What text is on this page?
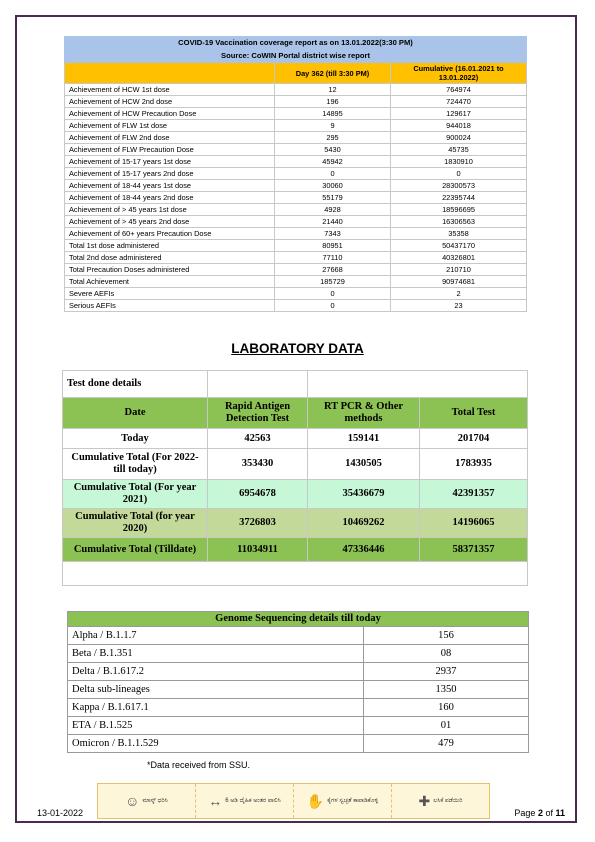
COVID-19 Vaccination coverage report as on 13.01.2022(3:30 PM)		
Source: CoWIN Portal district wise report		
	Day 362 (till 3:30 PM)	Cumulative (16.01.2021 to 13.01.2022)
Achievement of HCW 1st dose	12	764974
Achievement of HCW 2nd dose	196	724470
Achievement of HCW Precaution Dose	14895	129617
Achievement of FLW 1st dose	9	944018
Achievement of FLW 2nd dose	295	900024
Achievement of FLW Precaution Dose	5430	45735
Achievement of 15-17 years 1st dose	45942	1830910
Achievement of 15-17 years 2nd dose	0	0
Achievement of 18-44 years 1st dose	30060	28300573
Achievement of 18-44 years 2nd dose	55179	22395744
Achievement of > 45 years 1st dose	4928	18596695
Achievement of > 45 years 2nd dose	21440	16306563
Achievement of 60+ years Precaution Dose	7343	35358
Total 1st dose administered	80951	50437170
Total 2nd dose administered	77110	40326801
Total Precaution Doses administered	27668	210710
Total Achievement	185729	90974681
Severe AEFIs	0	2
Serious AEFIs	0	23
LABORATORY DATA
Test done details			
Date	Rapid Antigen Detection Test	RT PCR & Other methods	Total Test
Today	42563	159141	201704
Cumulative Total (For 2022- till today)	353430	1430505	1783935
Cumulative Total (For year 2021)	6954678	35436679	42391357
Cumulative Total (for year 2020)	3726803	10469262	14196065
Cumulative Total (Tilldate)	11034911	47336446	58371357

Genome Sequencing details till today	
Alpha / B.1.1.7	156
Beta / B.1.351	08
Delta / B.1.617.2	2937
Delta sub-lineages	1350
Kappa / B.1.617.1	160
ETA / B.1.525	01
Omicron / B.1.1.529	479
*Data received from SSU.
☺ ಮಾಸ್ಕ್ ಧರಿಸಿ	↔ 6 ಅಡಿ ದೈಹಿಕ ಅಂತರ ಪಾಲಿಸಿ ✋ ಕೈಗಳ ಸ್ವಚ್ಛತೆ ಕಾಪಾಡಿಕೊಳ್ಳಿ	✚ ಲಸಿಕೆ ಪಡೆಯಿರಿ
13-01-2022	Page 2 of 11
